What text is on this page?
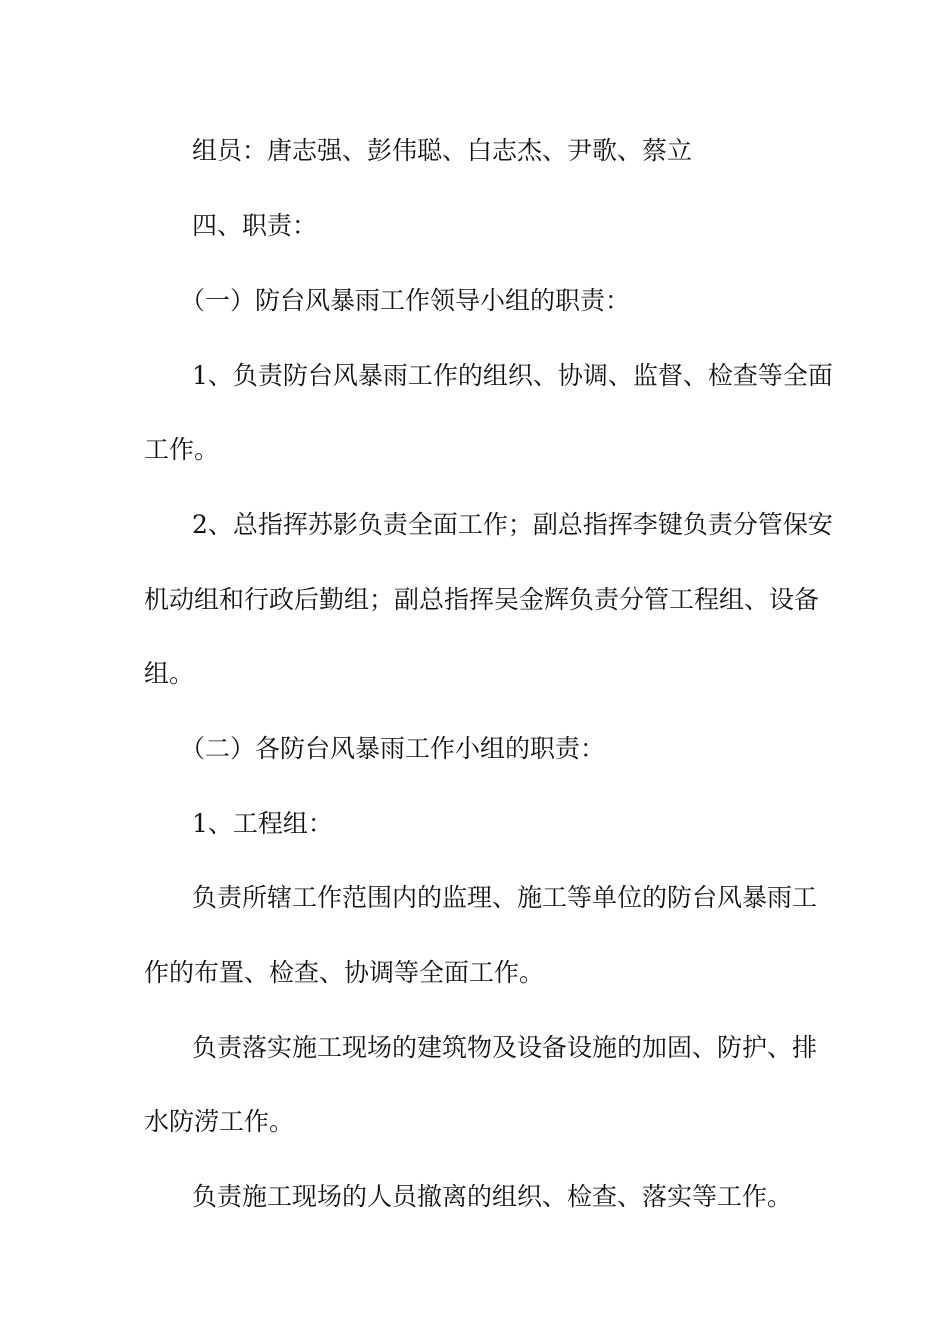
组员：唐志强、彭伟聪、白志杰、尹歌、蔡立
四、职责：
（一）防台风暴雨工作领导小组的职责：
1、负责防台风暴雨工作的组织、协调、监督、检查等全面
工作。
2、总指挥苏影负责全面工作；副总指挥李键负责分管保安
机动组和行政后勤组；副总指挥吴金辉负责分管工程组、设备
组。
（二）各防台风暴雨工作小组的职责：
1、工程组：
负责所辖工作范围内的监理、施工等单位的防台风暴雨工
作的布置、检查、协调等全面工作。
负责落实施工现场的建筑物及设备设施的加固、防护、排
水防涝工作。
负责施工现场的人员撤离的组织、检查、落实等工作。
